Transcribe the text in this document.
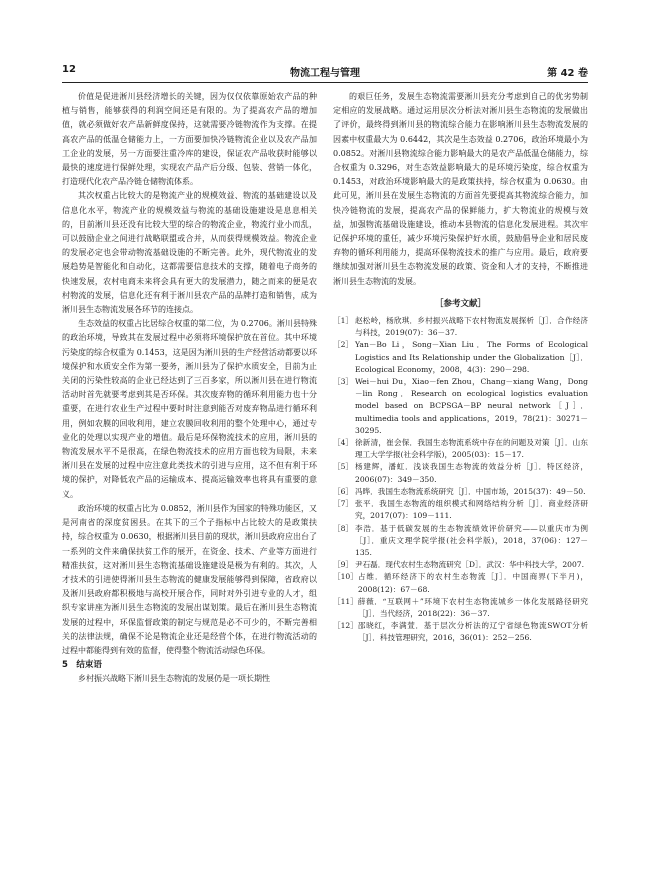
12	物流工程与管理	第 42 卷

价值是促进淅川县经济增长的关键，因为仅仅依靠原始农产品的种植与销售，能够获得的利润空间还是有限的。为了提高农产品的增加值，就必须做好农产品新鲜度保持，这就需要冷链物流作为支撑。在提高农产品的低温仓储能力上，一方面要加快冷链物流企业以及农产品加工企业的发展，另一方面要注重冷库的建设，保证农产品收获时能够以最快的速度进行保鲜处理，实现农产品产后分级、包装、营销一体化，打造现代化农产品冷链仓储物流体系。

其次权重占比较大的是物流产业的规模效益、物流的基础建设以及信息化水平，物流产业的规模效益与物流的基础设施建设是息息相关的，目前淅川县还没有比较大型的综合的物流企业，物流行业小而乱，可以鼓励企业之间进行战略联盟或合并，从而获得规模效益。物流企业的发展必定也会带动物流基础设施的不断完善。此外，现代物流业的发展趋势是智能化和自动化，这都需要信息技术的支撑，随着电子商务的快速发展，农村电商未来将会具有更大的发展潜力，随之而来的便是农村物流的发展，信息化还有利于淅川县农产品的品牌打造和销售，成为淅川县生态物流发展各环节的连接点。

生态效益的权重占比居综合权重的第二位，为 0.2706。淅川县特殊的政治环境，导致其在发展过程中必须将环境保护放在首位。其中环境污染度的综合权重为 0.1453，这是因为淅川县的生产经营活动都要以环境保护和水质安全作为第一要务，淅川县为了保护水质安全，目前为止关闭的污染性较高的企业已经达到了三百多家，所以淅川县在进行物流活动时首先就要考虑到其是否环保。其次废弃物的循环利用能力也十分重要，在进行农业生产过程中要时时注意到能否对废弃物品进行循环利用，例如农膜的回收利用，建立农膜回收利用的整个处理中心，通过专业化的处理以实现产业的增值。最后是环保物流技术的应用，淅川县的物流发展水平不是很高，在绿色物流技术的应用方面也较为局限，未来淅川县在发展的过程中应注意此类技术的引进与应用，这不但有利于环境的保护，对降低农产品的运输成本、提高运输效率也将具有重要的意义。

政治环境的权重占比为 0.0852，淅川县作为国家的特殊功能区，又是河南省的深度贫困县。在其下的三个子指标中占比较大的是政策扶持，综合权重为 0.0630，根据淅川县目前的现状，淅川县政府应出台了一系列的文件来确保扶贫工作的展开，在资金、技术、产业等方面进行精准扶贫，这对淅川县生态物流基础设施建设是极为有利的。其次，人才技术的引进使得淅川县生态物流的健康发展能够得到保障，省政府以及淅川县政府都积极地与高校开展合作，同时对外引进专业的人才，组织专家讲座为淅川县生态物流的发展出谋划策。最后在淅川县生态物流发展的过程中，环保监督政策的制定与规范是必不可少的，不断完善相关的法律法规，确保不论是物流企业还是经营个体，在进行物流活动的过程中都能得到有效的监督，使得整个物流活动绿色环保。

5　结束语

乡村振兴战略下淅川县生态物流的发展仍是一项长期性

的艰巨任务，发展生态物流需要淅川县充分考虑到自己的优劣势制定相应的发展战略。通过运用层次分析法对淅川县生态物流的发展做出了评价，最终得到淅川县的物流综合能力在影响淅川县生态物流发展的因素中权重最大为 0.6442，其次是生态效益 0.2706，政治环境最小为 0.0852。对淅川县物流综合能力影响最大的是农产品低温仓储能力，综合权重为 0.3296，对生态效益影响最大的是环境污染度，综合权重为 0.1453，对政治环境影响最大的是政策扶持，综合权重为 0.0630。由此可见，淅川县在发展生态物流的方面首先要提高其物流综合能力，加快冷链物流的发展，提高农产品的保鲜能力，扩大物流业的规模与效益，加强物流基础设施建设，推动本县物流的信息化发展进程。其次牢记保护环境的重任，减少环境污染保护好水质，鼓励倡导企业和居民废弃物的循环利用能力，提高环保物流技术的推广与应用。最后，政府要继续加强对淅川县生态物流发展的政策、资金和人才的支持，不断推进淅川县生态物流的发展。

［参考文献］
［1］ 赵松岭，杨欣琪．乡村振兴战略下农村物流发展探析［J］．合作经济与科技，2019(07)：36－37.
［2］ Yan－Bo Li，Song－Xian Liu．The Forms of Ecological Logistics and Its Relationship under the Globalization［J］．Ecological Economy，2008，4(3)：290－298.
［3］ Wei－hui Du，Xiao－fen Zhou，Chang－xiang Wang，Dong－lin Rong．Research on ecological logistics evaluation model based on BCPSGA－BP neural network［J］．multimedia tools and applications，2019，78(21)：30271－30295.
［4］ 徐新清，崔会保．我国生态物流系统中存在的问题及对策［J］．山东理工大学学报(社会科学版)，2005(03)：15－17.
［5］ 杨建辉，潘虹．浅谈我国生态物流的效益分析［J］．特区经济，2006(07)：349－350.
［6］ 冯晔．我国生态物流系统研究［J］．中国市场，2015(37)：49－50.
［7］ 张平．我国生态物流的组织模式和网络结构分析［J］．商业经济研究，2017(07)：109－111.
［8］ 李浩．基于低碳发展的生态物流绩效评价研究——以重庆市为例［J］．重庆文理学院学报(社会科学版)，2018，37(06)：127－135.
［9］ 尹石磊．现代农村生态物流研究［D］．武汉：华中科技大学，2007.
［10］ 占维．循环经济下的农村生态物流［J］．中国商界(下半月)，2008(12)：67－68.
［11］ 薛薇．“互联网＋”环境下农村生态物流城乡一体化发展路径研究［J］．当代经济，2018(22)：36－37.
［12］ 邵晓红，李满萱．基于层次分析法的辽宁省绿色物流SWOT分析［J］．科技管理研究，2016，36(01)：252－256.
